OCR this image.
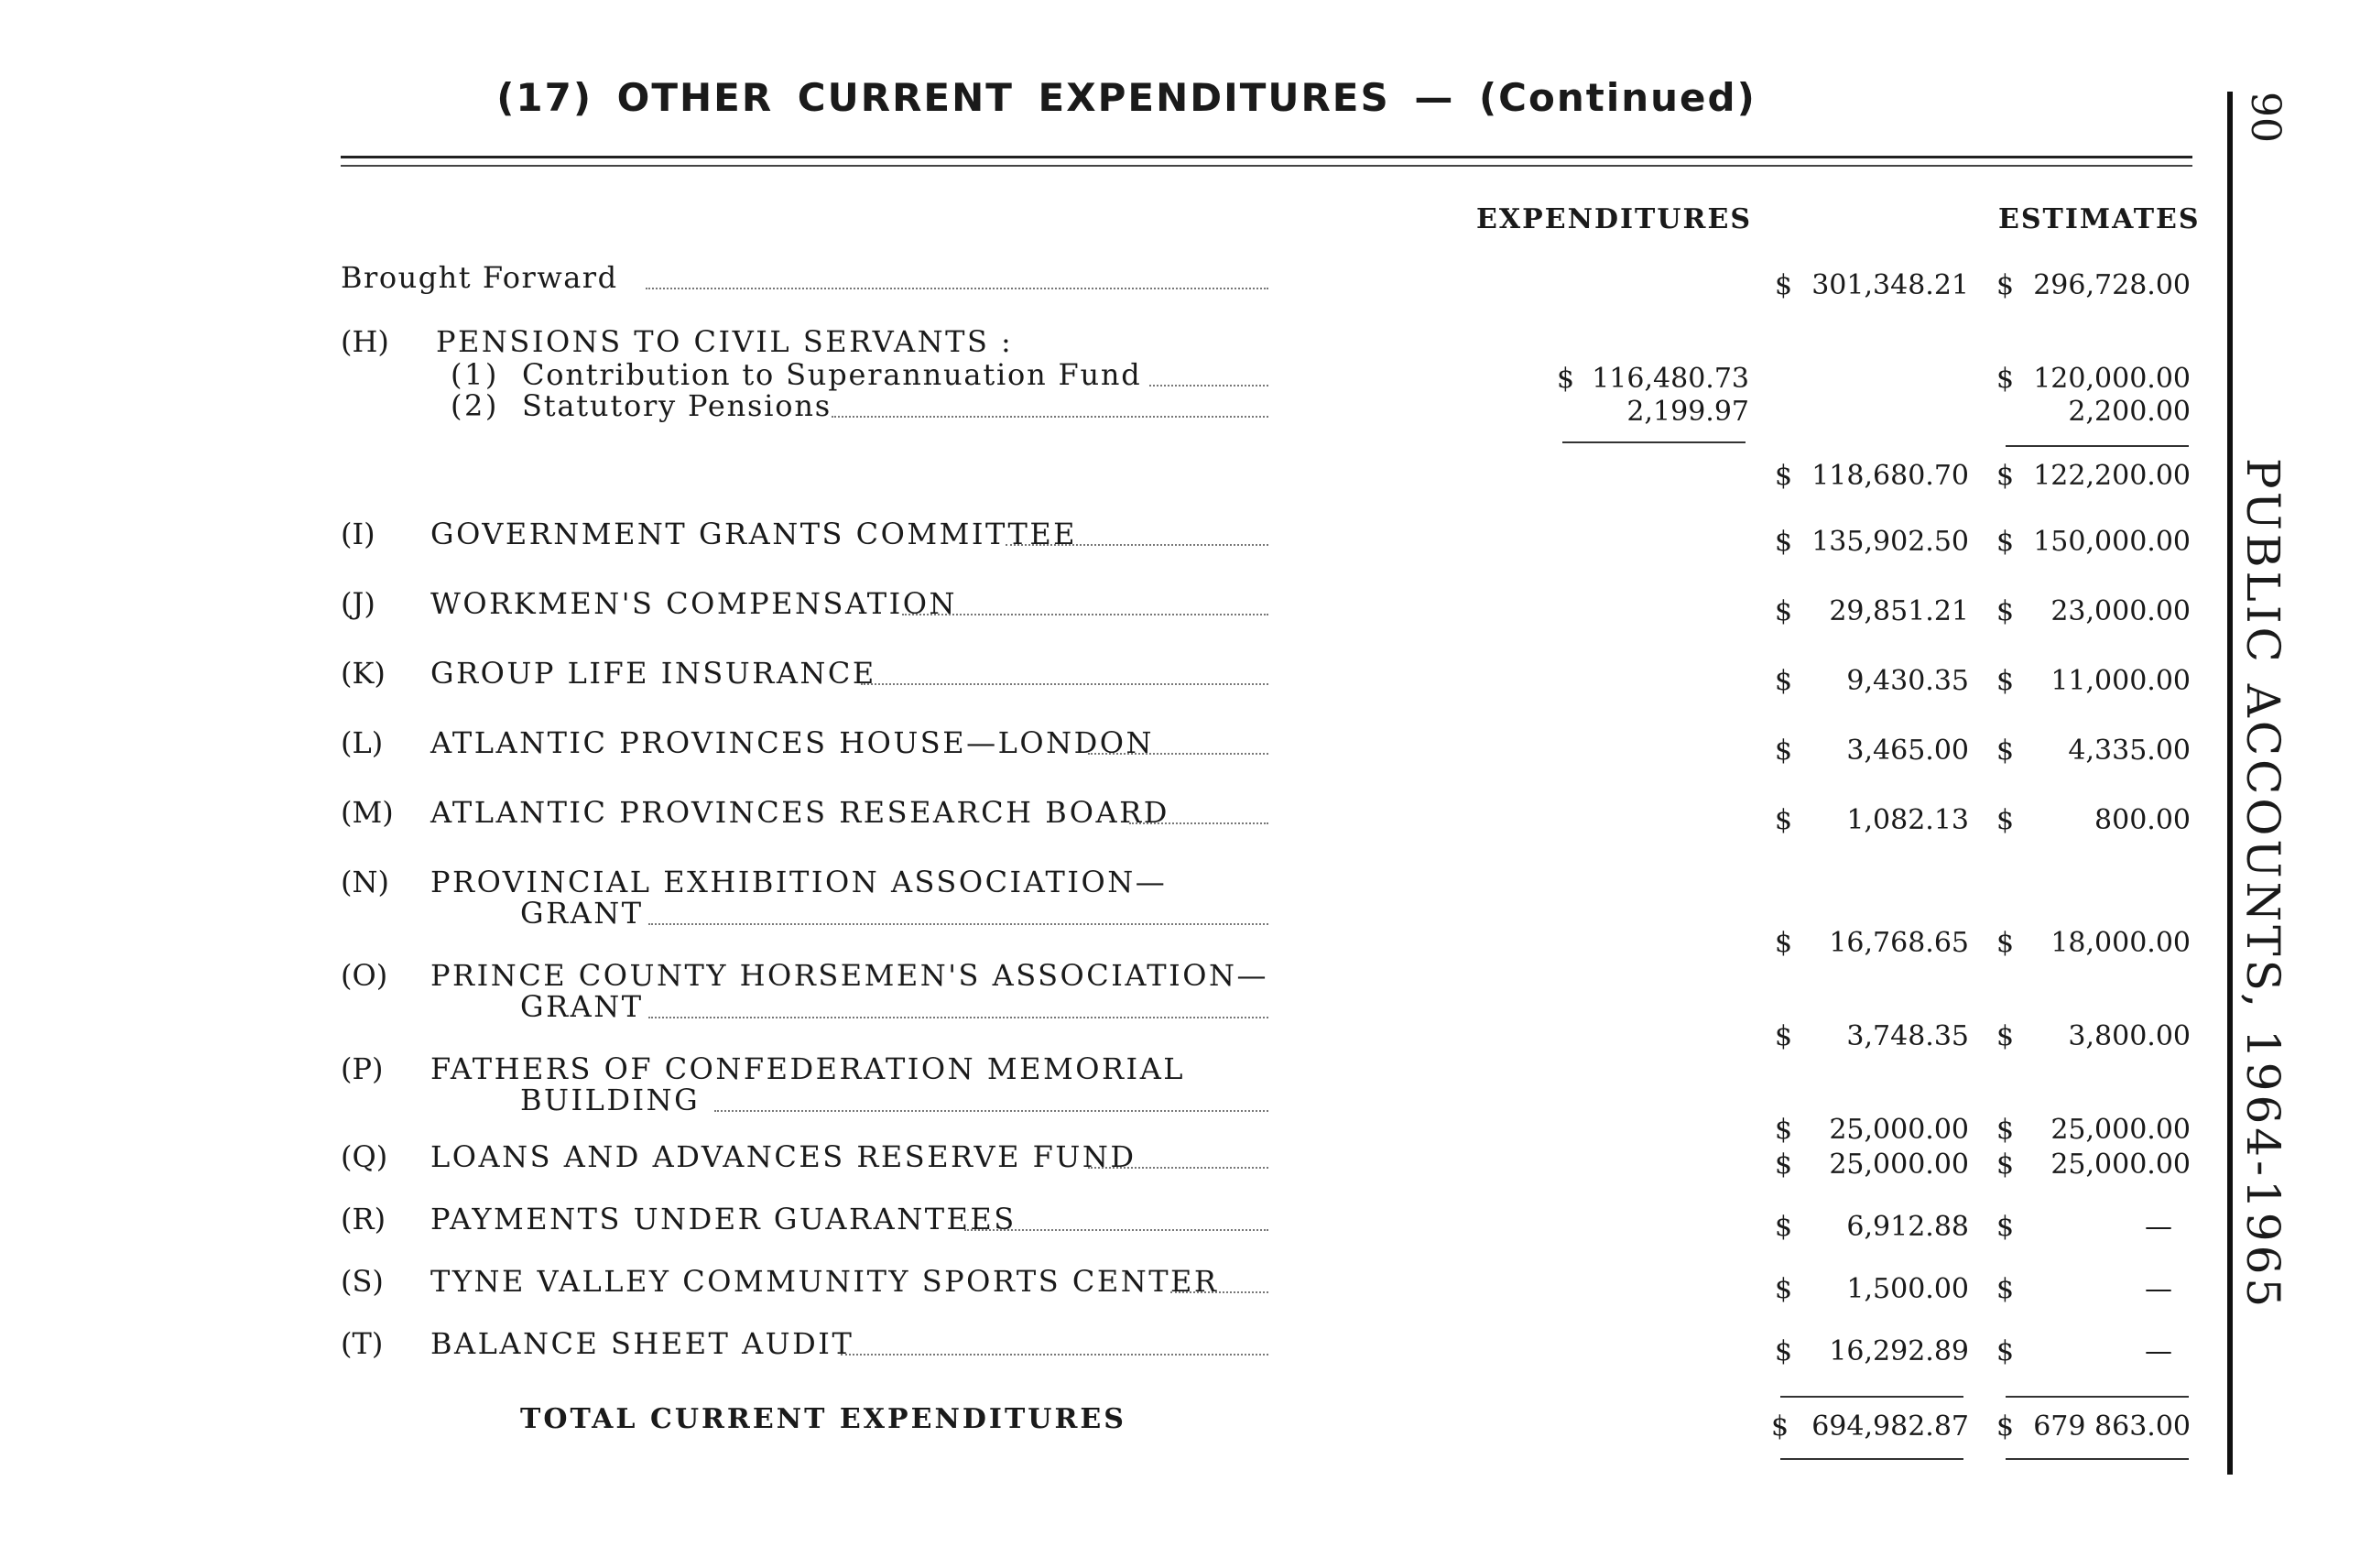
(17) OTHER CURRENT EXPENDITURES — (Continued)
EXPENDITURES	ESTIMATES
90
PUBLIC ACCOUNTS, 1964-1965
Brought Forward	$ 301,348.21 $ 296,728.00
(H) PENSIONS TO CIVIL SERVANTS :
(1) Contribution to Superannuation Fund	$ 116,480.73	$ 120,000.00
(2) Statutory Pensions	2,199.97	2,200.00
$ 118,680.70 $ 122,200.00
(I) GOVERNMENT GRANTS COMMITTEE	$ 135,902.50 $ 150,000.00
(J) WORKMEN'S COMPENSATION	$	29,851.21 $	23,000.00
(K) GROUP LIFE INSURANCE	$	9,430.35 $	11,000.00
(L) ATLANTIC PROVINCES HOUSE—LONDON	$	3,465.00 $	4,335.00
(M) ATLANTIC PROVINCES RESEARCH BOARD	$	1,082.13 $	800.00
(N) PROVINCIAL EXHIBITION ASSOCIATION—
GRANT
$	16,768.65 $	18,000.00
(O) PRINCE COUNTY HORSEMEN'S ASSOCIATION—
GRANT
$	3,748.35 $	3,800.00
(P) FATHERS OF CONFEDERATION MEMORIAL
BUILDING
$	25,000.00 $	25,000.00
(Q) LOANS AND ADVANCES RESERVE FUND	$	25,000.00 $	25,000.00
(R) PAYMENTS UNDER GUARANTEES	$	6,912.88 $	—
(S) TYNE VALLEY COMMUNITY SPORTS CENTER	$	1,500.00 $	—
(T) BALANCE SHEET AUDIT	$	16,292.89 $	—
TOTAL CURRENT EXPENDITURES	$ 694,982.87 $ 679 863.00
